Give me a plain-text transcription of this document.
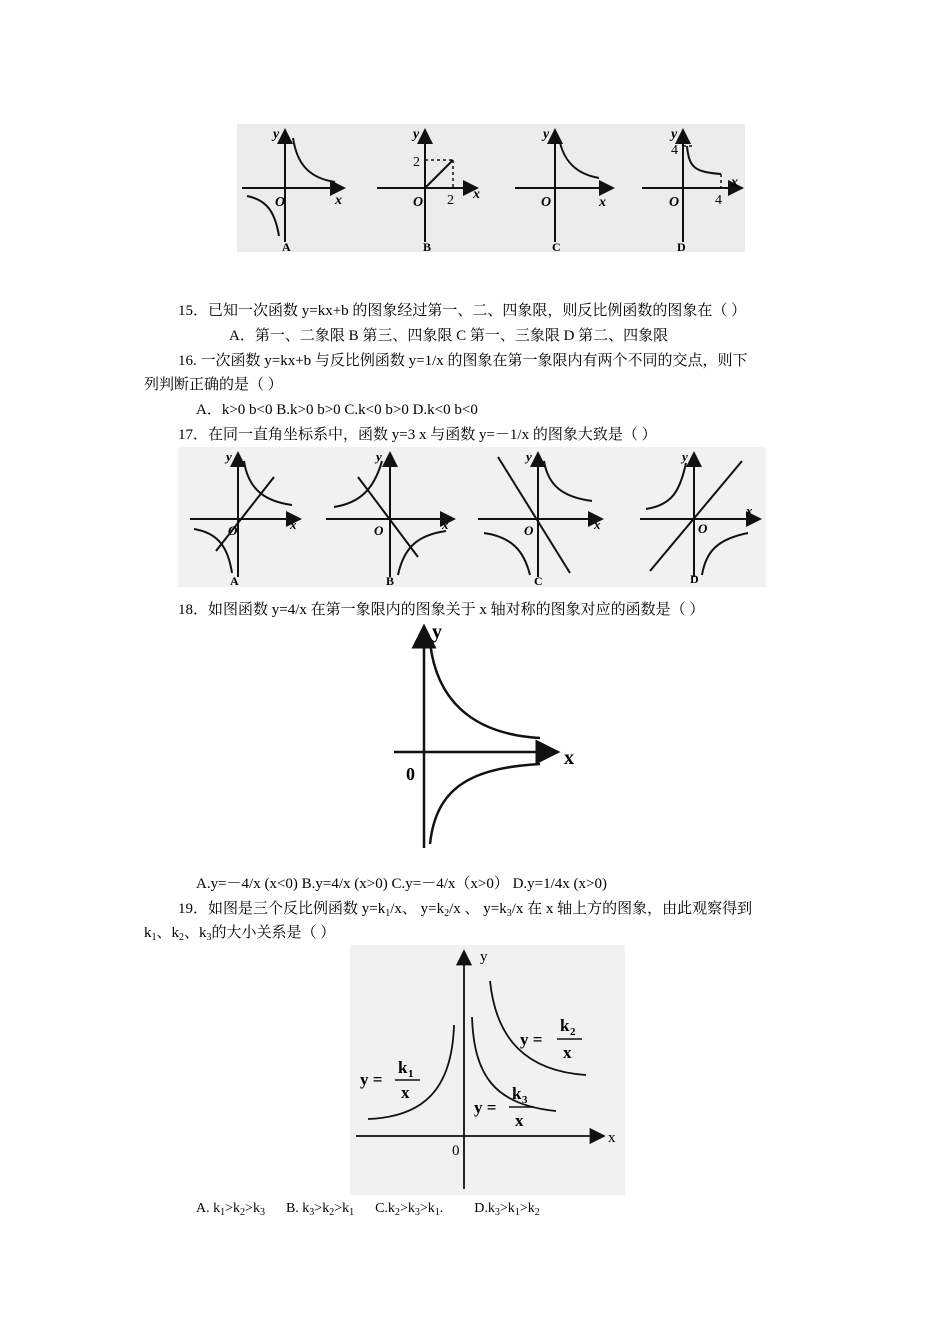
y
x
O
A
y
x
O
2
2
B
y
x
O
C
y
x
O
4
4
D
15．已知一次函数 y=kx+b 的图象经过第一、二、四象限，则反比例函数的图象在（ ）
A．第一、二象限 B 第三、四象限 C 第一、三象限 D 第二、四象限
16. 一次函数 y=kx+b 与反比例函数 y=1/x 的图象在第一象限内有两个不同的交点，则下
列判断正确的是（ ）
A．k>0 b<0 B.k>0 b>0 C.k<0 b>0 D.k<0 b<0
17．在同一直角坐标系中，函数 y=3 x 与函数 y=－1/x 的图象大致是（ ）
y
x
O
A
y
x
O
B
y
x
O
C
y
x
O
D
18．如图函数 y=4/x 在第一象限内的图象关于 x 轴对称的图象对应的函数是（ ）
y
x
0
A.y=－4/x (x<0) B.y=4/x (x>0) C.y=－4/x（x>0） D.y=1/4x (x>0)
19．如图是三个反比例函数 $y=k_1/x$、 $y=k_2/x$ 、 $y=k_3/x$ 在 x 轴上方的图象，由此观察得到
$k_1$、$k_2$、$k_3$的大小关系是（ ）
y
x
0
y =
k 1
x
y =
k 2
x
y =
k 3
x
A. $k_1>k_2>k_3$ B. $k_3>k_2>k_1$ $C.k_2>k_3>k_1$. $D.k_3>k_1>k_2$
